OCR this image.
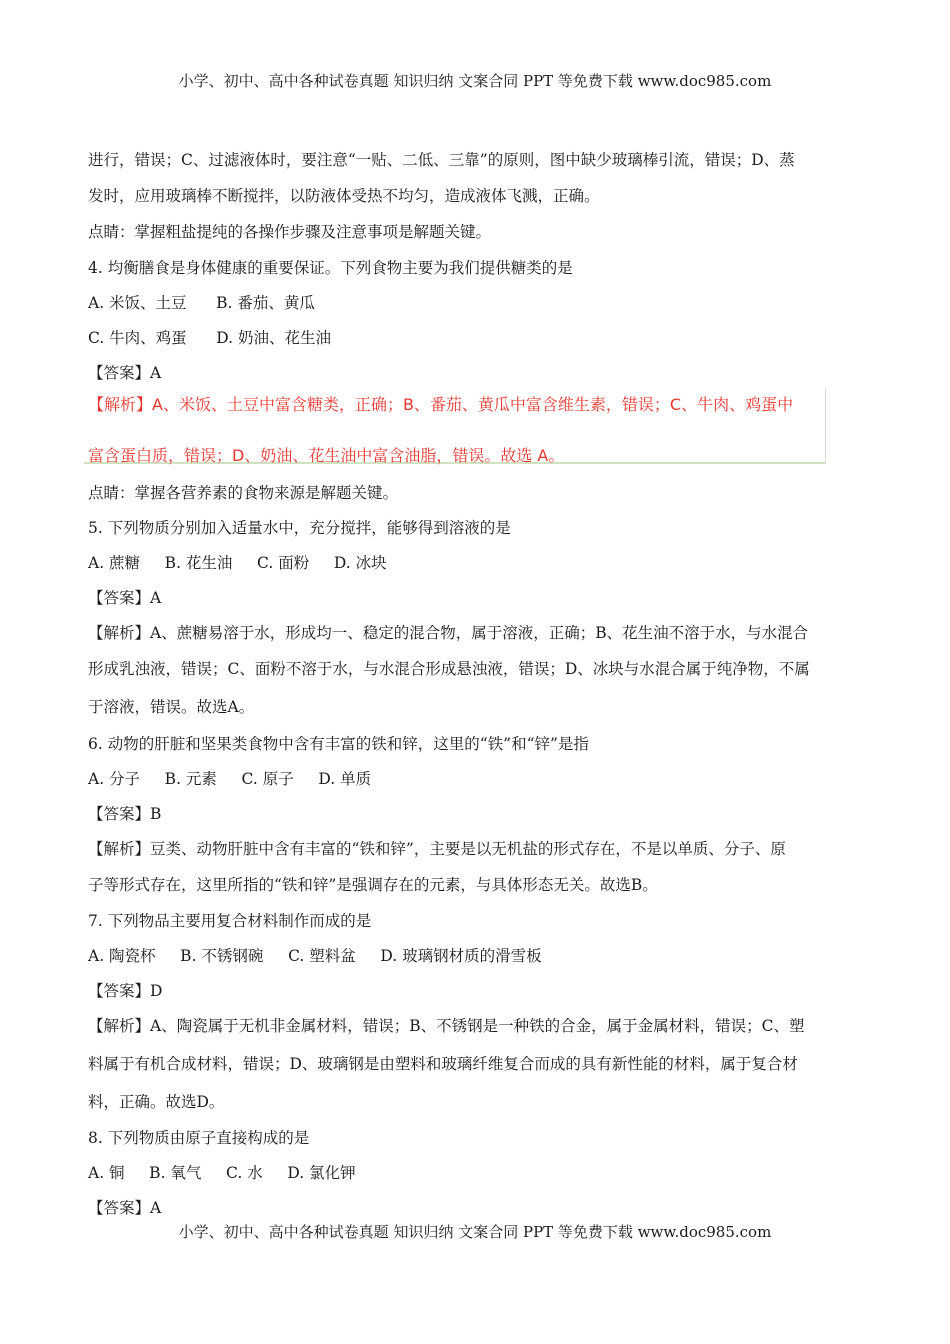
小学、初中、高中各种试卷真题 知识归纳 文案合同 PPT 等免费下载 www.doc985.com
进行，错误；C、过滤液体时，要注意“一贴、二低、三靠”的原则，图中缺少玻璃棒引流，错误；D、蒸
发时，应用玻璃棒不断搅拌，以防液体受热不均匀，造成液体飞溅，正确。
点睛：掌握粗盐提纯的各操作步骤及注意事项是解题关键。
4. 均衡膳食是身体健康的重要保证。下列食物主要为我们提供糖类的是
A. 米饭、土豆      B. 番茄、黄瓜
C. 牛肉、鸡蛋      D. 奶油、花生油
【答案】A
【解析】A、米饭、土豆中富含糖类，正确；B、番茄、黄瓜中富含维生素，错误；C、牛肉、鸡蛋中
富含蛋白质，错误；D、奶油、花生油中富含油脂，错误。故选 A。
点睛：掌握各营养素的食物来源是解题关键。
5. 下列物质分别加入适量水中，充分搅拌，能够得到溶液的是
A. 蔗糖     B. 花生油     C. 面粉     D. 冰块
【答案】A
【解析】A、蔗糖易溶于水，形成均一、稳定的混合物，属于溶液，正确；B、花生油不溶于水，与水混合
形成乳浊液，错误；C、面粉不溶于水，与水混合形成悬浊液，错误；D、冰块与水混合属于纯净物，不属
于溶液，错误。故选A。
6. 动物的肝脏和坚果类食物中含有丰富的铁和锌，这里的“铁”和“锌”是指
A. 分子     B. 元素     C. 原子     D. 单质
【答案】B
【解析】豆类、动物肝脏中含有丰富的“铁和锌”，主要是以无机盐的形式存在，不是以单质、分子、原
子等形式存在，这里所指的“铁和锌”是强调存在的元素，与具体形态无关。故选B。
7. 下列物品主要用复合材料制作而成的是
A. 陶瓷杯     B. 不锈钢碗     C. 塑料盆     D. 玻璃钢材质的滑雪板
【答案】D
【解析】A、陶瓷属于无机非金属材料，错误；B、不锈钢是一种铁的合金，属于金属材料，错误；C、塑
料属于有机合成材料，错误；D、玻璃钢是由塑料和玻璃纤维复合而成的具有新性能的材料，属于复合材
料，正确。故选D。
8. 下列物质由原子直接构成的是
A. 铜     B. 氧气     C. 水     D. 氯化钾
【答案】A
小学、初中、高中各种试卷真题 知识归纳 文案合同 PPT 等免费下载 www.doc985.com
